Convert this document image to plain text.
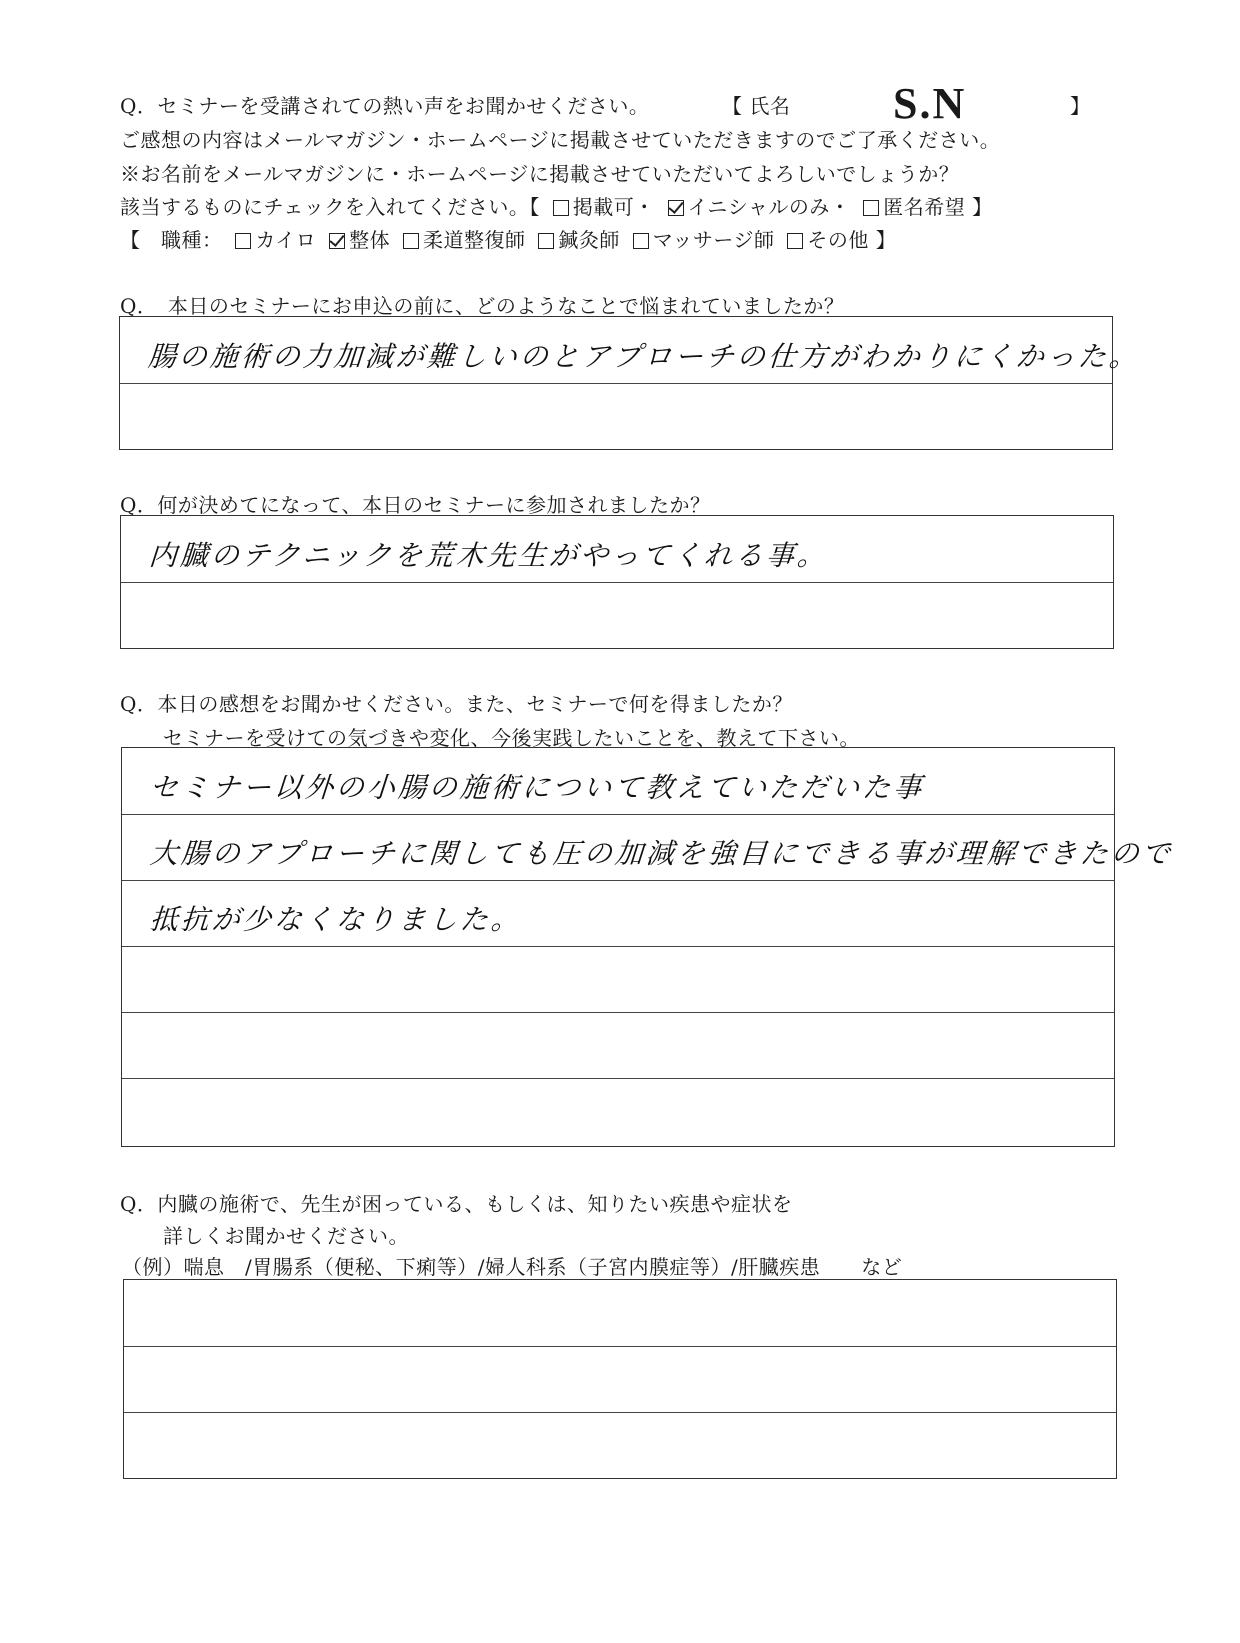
Q．セミナーを受講されての熱い声をお聞かせください。	【 氏名 S.N	】
ご感想の内容はメールマガジン・ホームページに掲載させていただきますのでご了承ください。
※お名前をメールマガジンに・ホームページに掲載させていただいてよろしいでしょうか？
該当するものにチェックを入れてください。【 掲載可・ イニシャルのみ・ 匿名希望 】
【　職種： カイロ 整体 柔道整復師 鍼灸師 マッサージ師 その他 】
Q．　本日のセミナーにお申込の前に、どのようなことで悩まれていましたか？
腸の施術の力加減が難しいのとアプローチの仕方がわかりにくかった。
Q．何が決めてになって、本日のセミナーに参加されましたか？
内臓のテクニックを荒木先生がやってくれる事。
Q．本日の感想をお聞かせください。また、セミナーで何を得ましたか？
セミナーを受けての気づきや変化、今後実践したいことを、教えて下さい。
セミナー以外の小腸の施術について教えていただいた事
大腸のアプローチに関しても圧の加減を強目にできる事が理解できたので
抵抗が少なくなりました。
Q．内臓の施術で、先生が困っている、もしくは、知りたい疾患や症状を
詳しくお聞かせください。
（例）喘息　/胃腸系（便秘、下痢等）/婦人科系（子宮内膜症等）/肝臓疾患　　など
